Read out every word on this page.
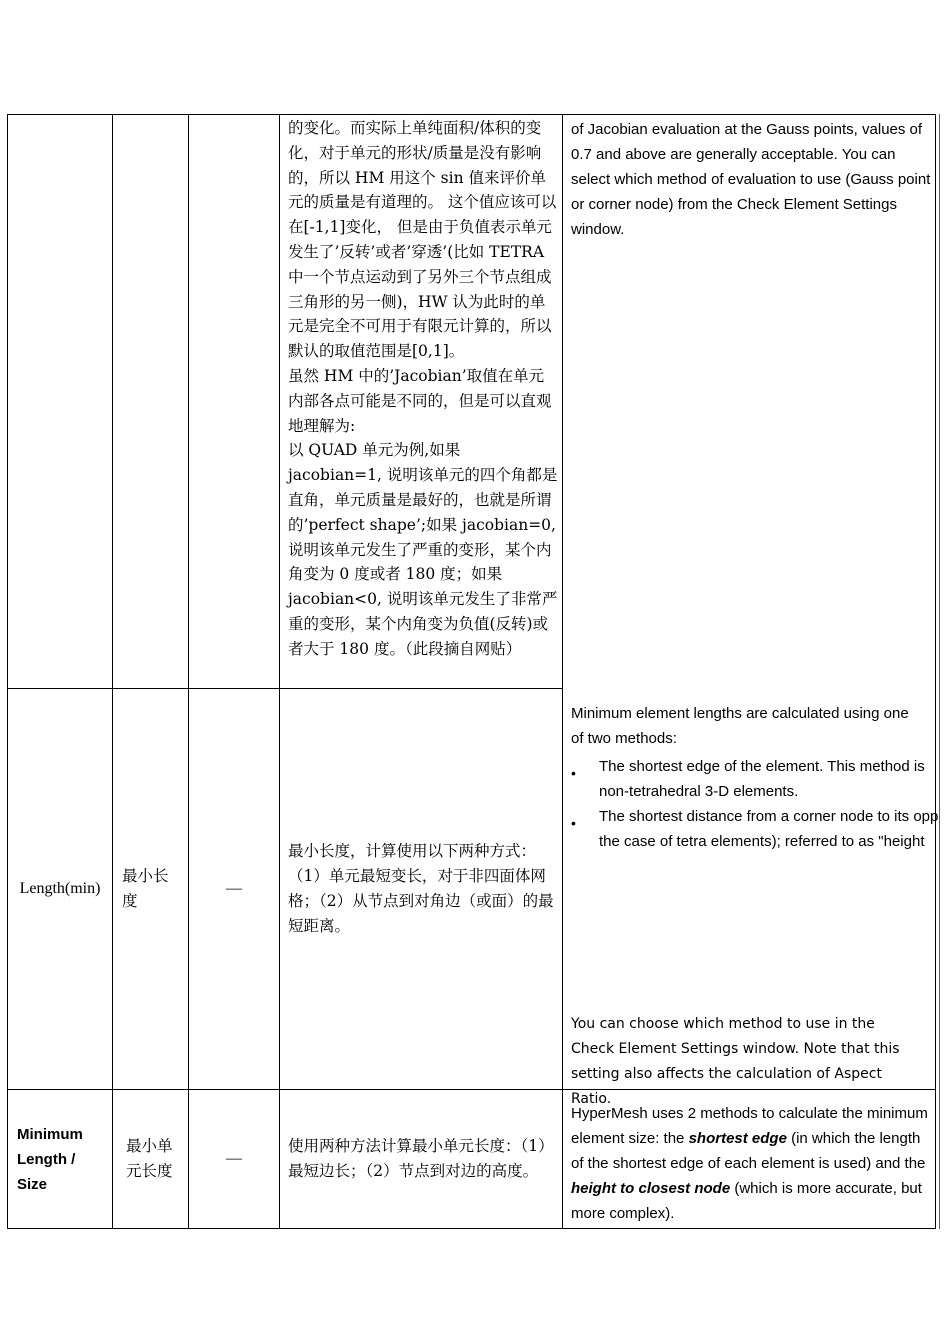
的变化。而实际上单纯面积/体积的变化，对于单元的形状/质量是没有影响的，所以 HM 用这个 sin 值来评价单元的质量是有道理的。 这个值应该可以在[-1,1]变化， 但是由于负值表示单元发生了’反转’或者’穿透’(比如 TETRA 中一个节点运动到了另外三个节点组成三角形的另一侧)，HW 认为此时的单元是完全不可用于有限元计算的，所以默认的取值范围是[0,1]。

虽然 HM 中的’Jacobian’取值在单元内部各点可能是不同的，但是可以直观地理解为:

以 QUAD 单元为例,如果 jacobian=1, 说明该单元的四个角都是直角，单元质量是最好的，也就是所谓的’perfect shape’;如果 jacobian=0, 说明该单元发生了严重的变形，某个内角变为 0 度或者 180 度；如果 jacobian<0, 说明该单元发生了非常严重的变形，某个内角变为负值(反转)或者大于 180 度。（此段摘自网贴）

of Jacobian evaluation at the Gauss points, values of 0.7 and above are generally acceptable. You can select which method of evaluation to use (Gauss point or corner node) from the Check Element Settings window.

Length(min)
最小长度
—
最小长度，计算使用以下两种方式：（1）单元最短变长，对于非四面体网格；（2）从节点到对角边（或面）的最短距离。

Minimum element lengths are calculated using one of two methods:

• The shortest edge of the element. This method is
non-tetrahedral 3-D elements.
• The shortest distance from a corner node to its opp
the case of tetra elements); referred to as "height

You can choose which method to use in the Check Element Settings window. Note that this setting also affects the calculation of Aspect Ratio.

Minimum Length / Size
最小单元长度
—
使用两种方法计算最小单元长度：（1）最短边长；（2）节点到对边的高度。

HyperMesh uses 2 methods to calculate the minimum element size: the shortest edge (in which the length of the shortest edge of each element is used) and the height to closest node (which is more accurate, but more complex).
